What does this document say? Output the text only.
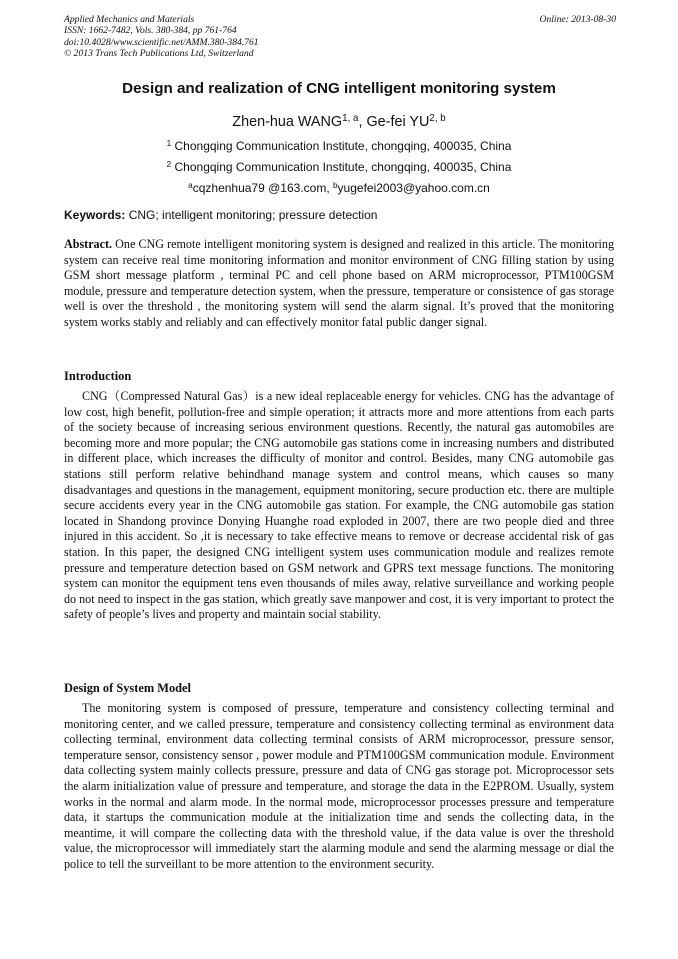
Applied Mechanics and Materials
ISSN: 1662-7482, Vols. 380-384, pp 761-764
doi:10.4028/www.scientific.net/AMM.380-384.761
© 2013 Trans Tech Publications Ltd, Switzerland
Online: 2013-08-30
Design and realization of CNG intelligent monitoring system
Zhen-hua WANG$^{1, a}$, Ge-fei YU$^{2, b}$
$^1$ Chongqing Communication Institute, chongqing, 400035, China
$^2$ Chongqing Communication Institute, chongqing, 400035, China
$^a$cqzhenhua79 @163.com, $^b$yugefei2003@yahoo.com.cn
Keywords: CNG; intelligent monitoring; pressure detection

Abstract. One CNG remote intelligent monitoring system is designed and realized in this article. The monitoring system can receive real time monitoring information and monitor environment of CNG filling station by using GSM short message platform , terminal PC and cell phone based on ARM microprocessor, PTM100GSM module, pressure and temperature detection system, when the pressure, temperature or consistence of gas storage well is over the threshold , the monitoring system will send the alarm signal. It’s proved that the monitoring system works stably and reliably and can effectively monitor fatal public danger signal.

Introduction

CNG（Compressed Natural Gas）is a new ideal replaceable energy for vehicles. CNG has the advantage of low cost, high benefit, pollution-free and simple operation; it attracts more and more attentions from each parts of the society because of increasing serious environment questions. Recently, the natural gas automobiles are becoming more and more popular; the CNG automobile gas stations come in increasing numbers and distributed in different place, which increases the difficulty of monitor and control. Besides, many CNG automobile gas stations still perform relative behindhand manage system and control means, which causes so many disadvantages and questions in the management, equipment monitoring, secure production etc. there are multiple secure accidents every year in the CNG automobile gas station. For example, the CNG automobile gas station located in Shandong province Donying Huanghe road exploded in 2007, there are two people died and three injured in this accident. So ,it is necessary to take effective means to remove or decrease accidental risk of gas station. In this paper, the designed CNG intelligent system uses communication module and realizes remote pressure and temperature detection based on GSM network and GPRS text message functions. The monitoring system can monitor the equipment tens even thousands of miles away, relative surveillance and working people do not need to inspect in the gas station, which greatly save manpower and cost, it is very important to protect the safety of people’s lives and property and maintain social stability.

Design of System Model

The monitoring system is composed of pressure, temperature and consistency collecting terminal and monitoring center, and we called pressure, temperature and consistency collecting terminal as environment data collecting terminal, environment data collecting terminal consists of ARM microprocessor, pressure sensor, temperature sensor, consistency sensor , power module and PTM100GSM communication module. Environment data collecting system mainly collects pressure, pressure and data of CNG gas storage pot. Microprocessor sets the alarm initialization value of pressure and temperature, and storage the data in the E2PROM. Usually, system works in the normal and alarm mode. In the normal mode, microprocessor processes pressure and temperature data, it startups the communication module at the initialization time and sends the collecting data, in the meantime, it will compare the collecting data with the threshold value, if the data value is over the threshold value, the microprocessor will immediately start the alarming module and send the alarming message or dial the police to tell the surveillant to be more attention to the environment security.
